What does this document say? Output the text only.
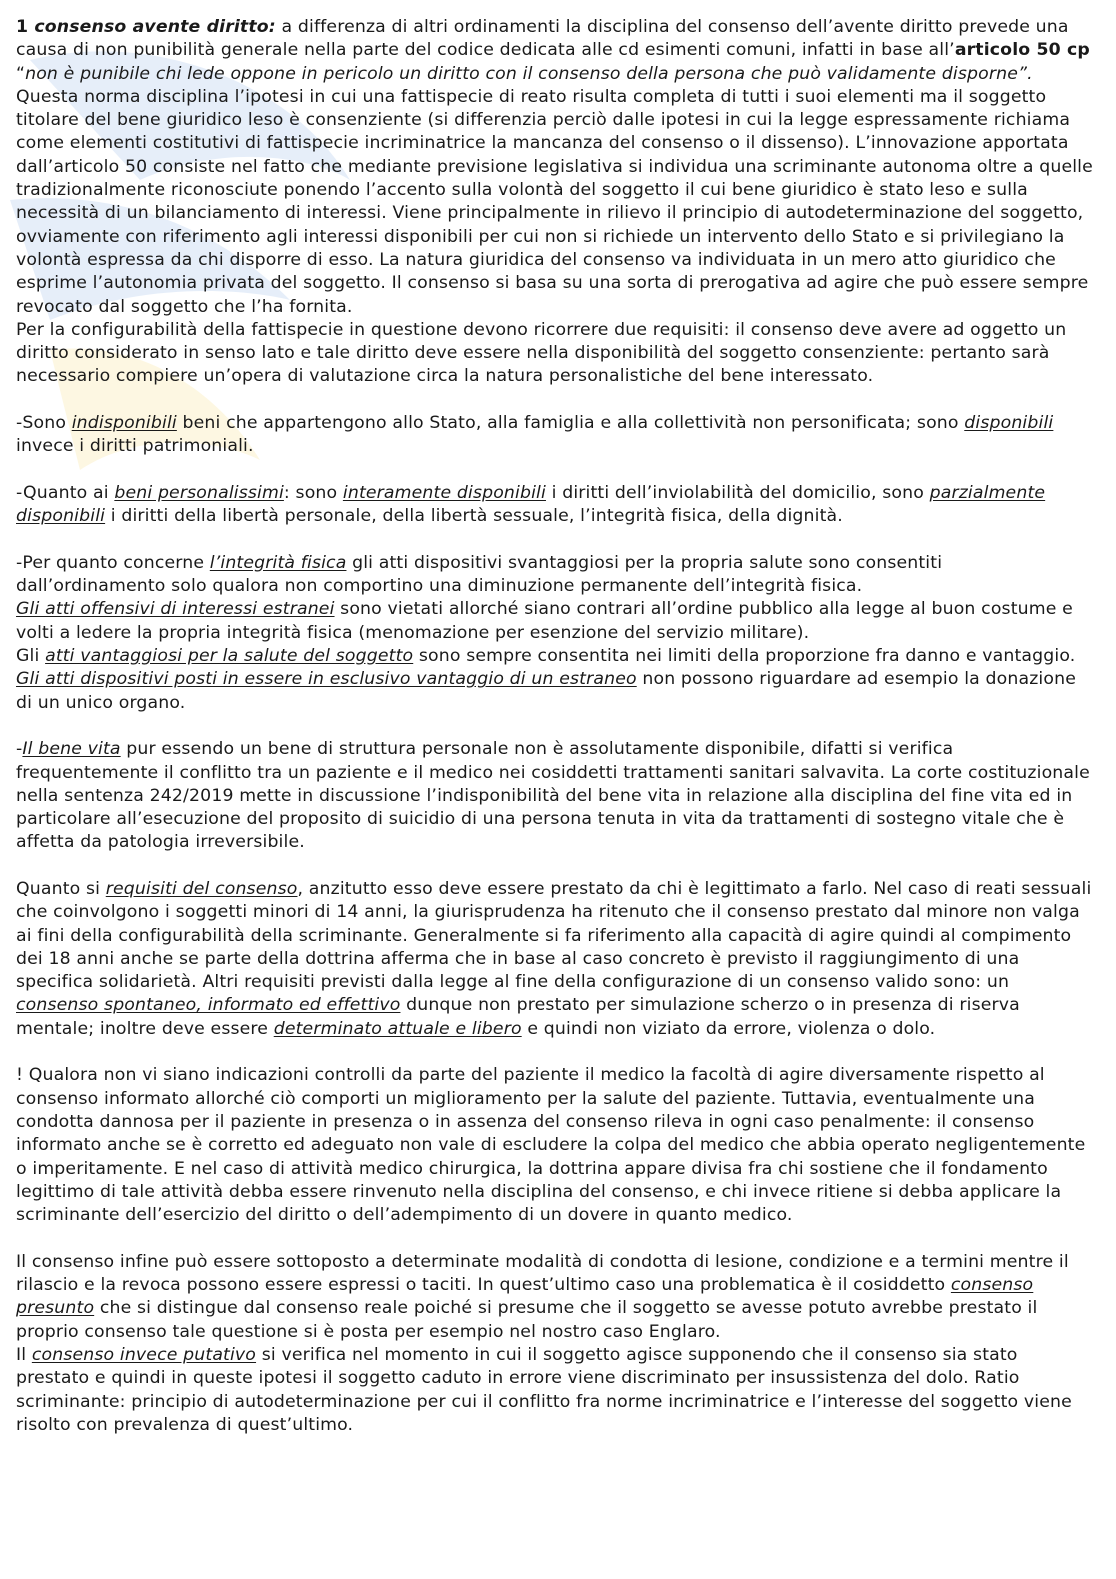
1 consenso avente diritto: a differenza di altri ordinamenti la disciplina del consenso dell’avente diritto prevede una causa di non punibilità generale nella parte del codice dedicata alle cd esimenti comuni, infatti in base all’articolo 50 cp “non è punibile chi lede oppone in pericolo un diritto con il consenso della persona che può validamente disporne”. Questa norma disciplina l’ipotesi in cui una fattispecie di reato risulta completa di tutti i suoi elementi ma il soggetto titolare del bene giuridico leso è consenziente (si differenzia perciò dalle ipotesi in cui la legge espressamente richiama come elementi costitutivi di fattispecie incriminatrice la mancanza del consenso o il dissenso). L’innovazione apportata dall’articolo 50 consiste nel fatto che mediante previsione legislativa si individua una scriminante autonoma oltre a quelle tradizionalmente riconosciute ponendo l’accento sulla volontà del soggetto il cui bene giuridico è stato leso e sulla necessità di un bilanciamento di interessi. Viene principalmente in rilievo il principio di autodeterminazione del soggetto, ovviamente con riferimento agli interessi disponibili per cui non si richiede un intervento dello Stato e si privilegiano la volontà espressa da chi disporre di esso. La natura giuridica del consenso va individuata in un mero atto giuridico che esprime l’autonomia privata del soggetto. Il consenso si basa su una sorta di prerogativa ad agire che può essere sempre revocato dal soggetto che l’ha fornita.

Per la configurabilità della fattispecie in questione devono ricorrere due requisiti: il consenso deve avere ad oggetto un diritto considerato in senso lato e tale diritto deve essere nella disponibilità del soggetto consenziente: pertanto sarà necessario compiere un’opera di valutazione circa la natura personalistiche del bene interessato.

-Sono indisponibili beni che appartengono allo Stato, alla famiglia e alla collettività non personificata; sono disponibili invece i diritti patrimoniali.

-Quanto ai beni personalissimi: sono interamente disponibili i diritti dell’inviolabilità del domicilio, sono parzialmente disponibili i diritti della libertà personale, della libertà sessuale, l’integrità fisica, della dignità.

-Per quanto concerne l’integrità fisica gli atti dispositivi svantaggiosi per la propria salute sono consentiti dall’ordinamento solo qualora non comportino una diminuzione permanente dell’integrità fisica.

Gli atti offensivi di interessi estranei sono vietati allorché siano contrari all’ordine pubblico alla legge al buon costume e volti a ledere la propria integrità fisica (menomazione per esenzione del servizio militare).

Gli atti vantaggiosi per la salute del soggetto sono sempre consentita nei limiti della proporzione fra danno e vantaggio. Gli atti dispositivi posti in essere in esclusivo vantaggio di un estraneo non possono riguardare ad esempio la donazione di un unico organo.

-Il bene vita pur essendo un bene di struttura personale non è assolutamente disponibile, difatti si verifica frequentemente il conflitto tra un paziente e il medico nei cosiddetti trattamenti sanitari salvavita. La corte costituzionale nella sentenza 242/2019 mette in discussione l’indisponibilità del bene vita in relazione alla disciplina del fine vita ed in particolare all’esecuzione del proposito di suicidio di una persona tenuta in vita da trattamenti di sostegno vitale che è affetta da patologia irreversibile.

Quanto si requisiti del consenso, anzitutto esso deve essere prestato da chi è legittimato a farlo. Nel caso di reati sessuali che coinvolgono i soggetti minori di 14 anni, la giurisprudenza ha ritenuto che il consenso prestato dal minore non valga ai fini della configurabilità della scriminante. Generalmente si fa riferimento alla capacità di agire quindi al compimento dei 18 anni anche se parte della dottrina afferma che in base al caso concreto è previsto il raggiungimento di una specifica solidarietà. Altri requisiti previsti dalla legge al fine della configurazione di un consenso valido sono: un consenso spontaneo, informato ed effettivo dunque non prestato per simulazione scherzo o in presenza di riserva mentale; inoltre deve essere determinato attuale e libero e quindi non viziato da errore, violenza o dolo.

! Qualora non vi siano indicazioni controlli da parte del paziente il medico la facoltà di agire diversamente rispetto al consenso informato allorché ciò comporti un miglioramento per la salute del paziente. Tuttavia, eventualmente una condotta dannosa per il paziente in presenza o in assenza del consenso rileva in ogni caso penalmente: il consenso informato anche se è corretto ed adeguato non vale di escludere la colpa del medico che abbia operato negligentemente o imperitamente. E nel caso di attività medico chirurgica, la dottrina appare divisa fra chi sostiene che il fondamento legittimo di tale attività debba essere rinvenuto nella disciplina del consenso, e chi invece ritiene si debba applicare la scriminante dell’esercizio del diritto o dell’adempimento di un dovere in quanto medico.

Il consenso infine può essere sottoposto a determinate modalità di condotta di lesione, condizione e a termini mentre il rilascio e la revoca possono essere espressi o taciti. In quest’ultimo caso una problematica è il cosiddetto consenso presunto che si distingue dal consenso reale poiché si presume che il soggetto se avesse potuto avrebbe prestato il proprio consenso tale questione si è posta per esempio nel nostro caso Englaro.

Il consenso invece putativo si verifica nel momento in cui il soggetto agisce supponendo che il consenso sia stato prestato e quindi in queste ipotesi il soggetto caduto in errore viene discriminato per insussistenza del dolo. Ratio scriminante: principio di autodeterminazione per cui il conflitto fra norme incriminatrice e l’interesse del soggetto viene risolto con prevalenza di quest’ultimo.
